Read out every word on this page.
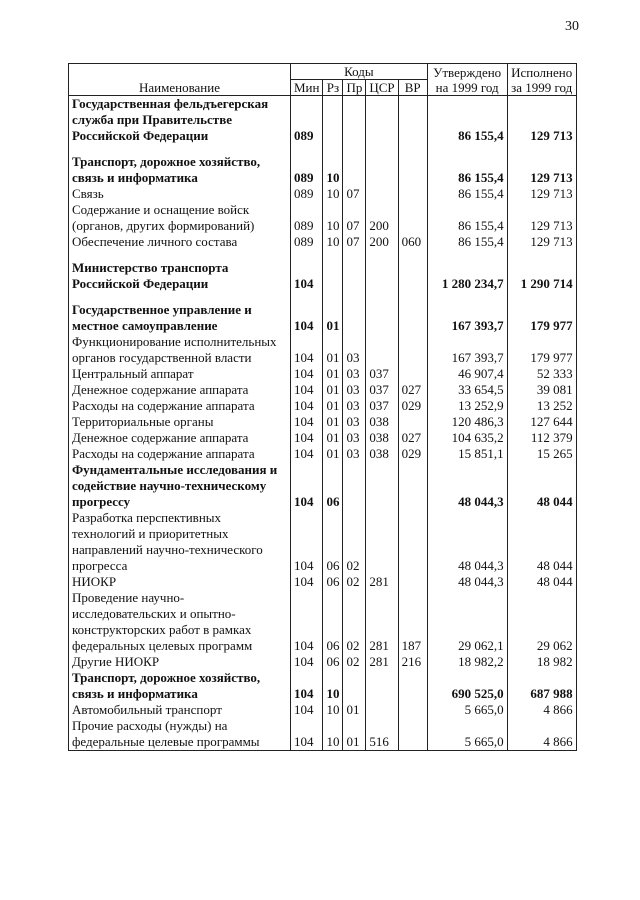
30
Наименование	Коды					Утверждено на 1999 год	Исполнено за 1999 год
	Мин	Рз	Пр	ЦСР	ВР		
Государственная фельдъегерская служба при Правительстве Российской Федерации	089					86 155,4	129 713

Транспорт, дорожное хозяйство, связь и информатика	089	10				86 155,4	129 713
Связь	089	10	07			86 155,4	129 713
Содержание и оснащение войск (органов, других формирований)	089	10	07	200		86 155,4	129 713
Обеспечение личного состава	089	10	07	200	060	86 155,4	129 713

Министерство транспорта Российской Федерации	104					1 280 234,7	1 290 714

Государственное управление и местное самоуправление	104	01				167 393,7	179 977
Функционирование исполнительных органов государственной власти	104	01	03			167 393,7	179 977
Центральный аппарат	104	01	03	037		46 907,4	52 333
Денежное содержание аппарата	104	01	03	037	027	33 654,5	39 081
Расходы на содержание аппарата	104	01	03	037	029	13 252,9	13 252
Территориальные органы	104	01	03	038		120 486,3	127 644
Денежное содержание аппарата	104	01	03	038	027	104 635,2	112 379
Расходы на содержание аппарата	104	01	03	038	029	15 851,1	15 265
Фундаментальные исследования и содействие научно-техническому прогрессу	104	06				48 044,3	48 044
Разработка перспективных технологий и приоритетных направлений научно-технического прогресса	104	06	02			48 044,3	48 044
НИОКР	104	06	02	281		48 044,3	48 044
Проведение научно-исследовательских и опытно-конструкторских работ в рамках федеральных целевых программ	104	06	02	281	187	29 062,1	29 062
Другие НИОКР	104	06	02	281	216	18 982,2	18 982
Транспорт, дорожное хозяйство, связь и информатика	104	10				690 525,0	687 988
Автомобильный транспорт	104	10	01			5 665,0	4 866
Прочие расходы (нужды) на федеральные целевые программы	104	10	01	516		5 665,0	4 866
